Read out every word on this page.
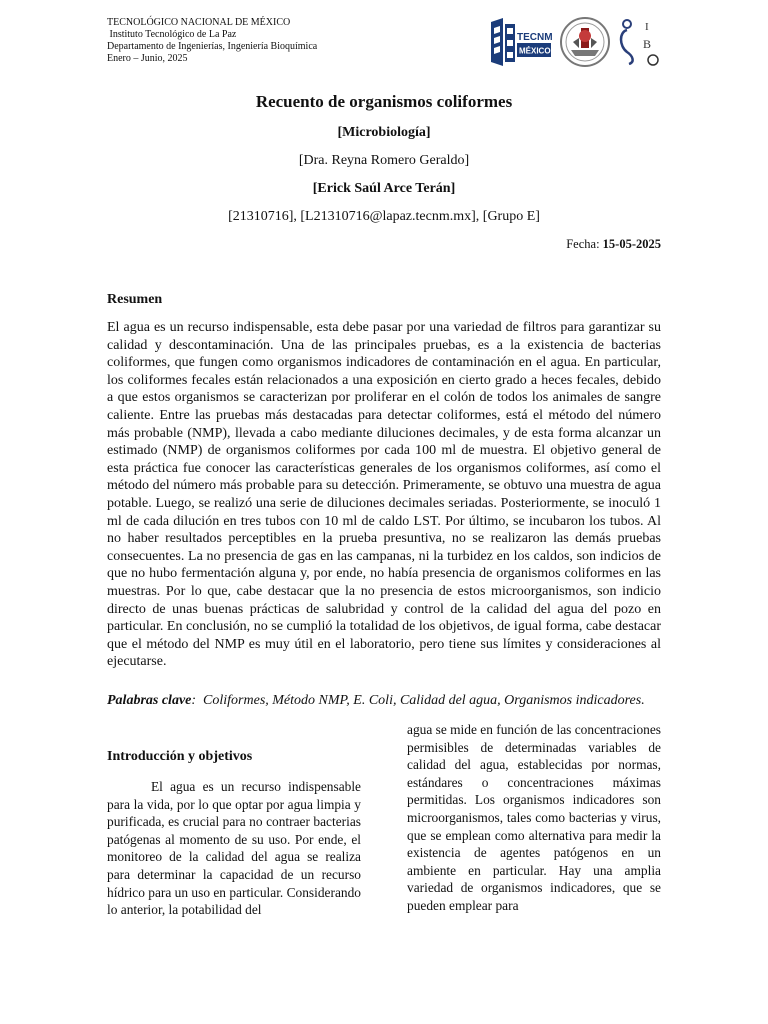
TECNOLÓGICO NACIONAL DE MÉXICO
Instituto Tecnológico de La Paz
Departamento de Ingenierías, Ingeniería Bioquímica
Enero – Junio, 2025
TECNM
MÉXICO
I
B
Recuento de organismos coliformes
[Microbiología]
[Dra. Reyna Romero Geraldo]
[Erick Saúl Arce Terán]
[21310716], [L21310716@lapaz.tecnm.mx], [Grupo E]
Fecha: 15-05-2025
Resumen
El agua es un recurso indispensable, esta debe pasar por una variedad de filtros para garantizar su calidad y descontaminación. Una de las principales pruebas, es a la existencia de bacterias coliformes, que fungen como organismos indicadores de contaminación en el agua. En particular, los coliformes fecales están relacionados a una exposición en cierto grado a heces fecales, debido a que estos organismos se caracterizan por proliferar en el colón de todos los animales de sangre caliente. Entre las pruebas más destacadas para detectar coliformes, está el método del número más probable (NMP), llevada a cabo mediante diluciones decimales, y de esta forma alcanzar un estimado (NMP) de organismos coliformes por cada 100 ml de muestra. El objetivo general de esta práctica fue conocer las características generales de los organismos coliformes, así como el método del número más probable para su detección. Primeramente, se obtuvo una muestra de agua potable. Luego, se realizó una serie de diluciones decimales seriadas. Posteriormente, se inoculó 1 ml de cada dilución en tres tubos con 10 ml de caldo LST. Por último, se incubaron los tubos. Al no haber resultados perceptibles en la prueba presuntiva, no se realizaron las demás pruebas consecuentes. La no presencia de gas en las campanas, ni la turbidez en los caldos, son indicios de que no hubo fermentación alguna y, por ende, no había presencia de organismos coliformes en las muestras. Por lo que, cabe destacar que la no presencia de estos microorganismos, son indicio directo de unas buenas prácticas de salubridad y control de la calidad del agua del pozo en particular. En conclusión, no se cumplió la totalidad de los objetivos, de igual forma, cabe destacar que el método del NMP es muy útil en el laboratorio, pero tiene sus límites y consideraciones al ejecutarse.
Palabras clave:  Coliformes, Método NMP, E. Coli, Calidad del agua, Organismos indicadores.
Introducción y objetivos
El agua es un recurso indispensable para la vida, por lo que optar por agua limpia y purificada, es crucial para no contraer bacterias patógenas al momento de su uso. Por ende, el monitoreo de la calidad del agua se realiza para determinar la capacidad de un recurso hídrico para un uso en particular. Considerando lo anterior, la potabilidad del
agua se mide en función de las concentraciones permisibles de determinadas variables de calidad del agua, establecidas por normas, estándares o concentraciones máximas permitidas. Los organismos indicadores son microorganismos, tales como bacterias y virus, que se emplean como alternativa para medir la existencia de agentes patógenos en un ambiente en particular. Hay una amplia variedad de organismos indicadores, que se pueden emplear para
